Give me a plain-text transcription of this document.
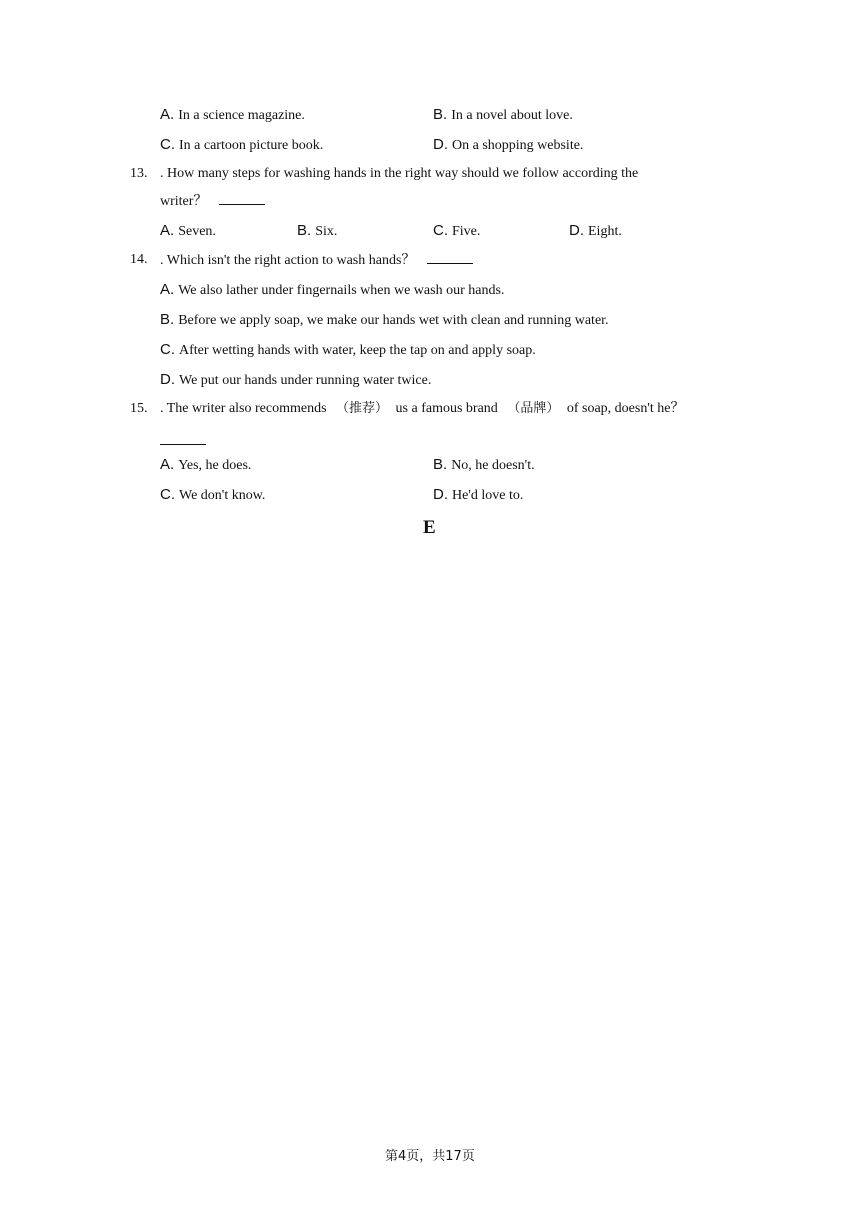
A. In a science magazine.	B. In a novel about love.
C. In a cartoon picture book.	D. On a shopping website.
13. . How many steps for washing hands in the right way should we follow according the
writer？
A. Seven.	B. Six.	C. Five.	D. Eight.
14. . Which isn't the right action to wash hands？
A. We also lather under fingernails when we wash our hands.
B. Before we apply soap, we make our hands wet with clean and running water.
C. After wetting hands with water, keep the tap on and apply soap.
D. We put our hands under running water twice.
15. . The writer also recommends （推荐） us a famous brand （品牌） of soap, doesn't he？
A. Yes, he does.	B. No, he doesn't.
C. We don't know.	D. He'd love to.
E
第4页，共17页
